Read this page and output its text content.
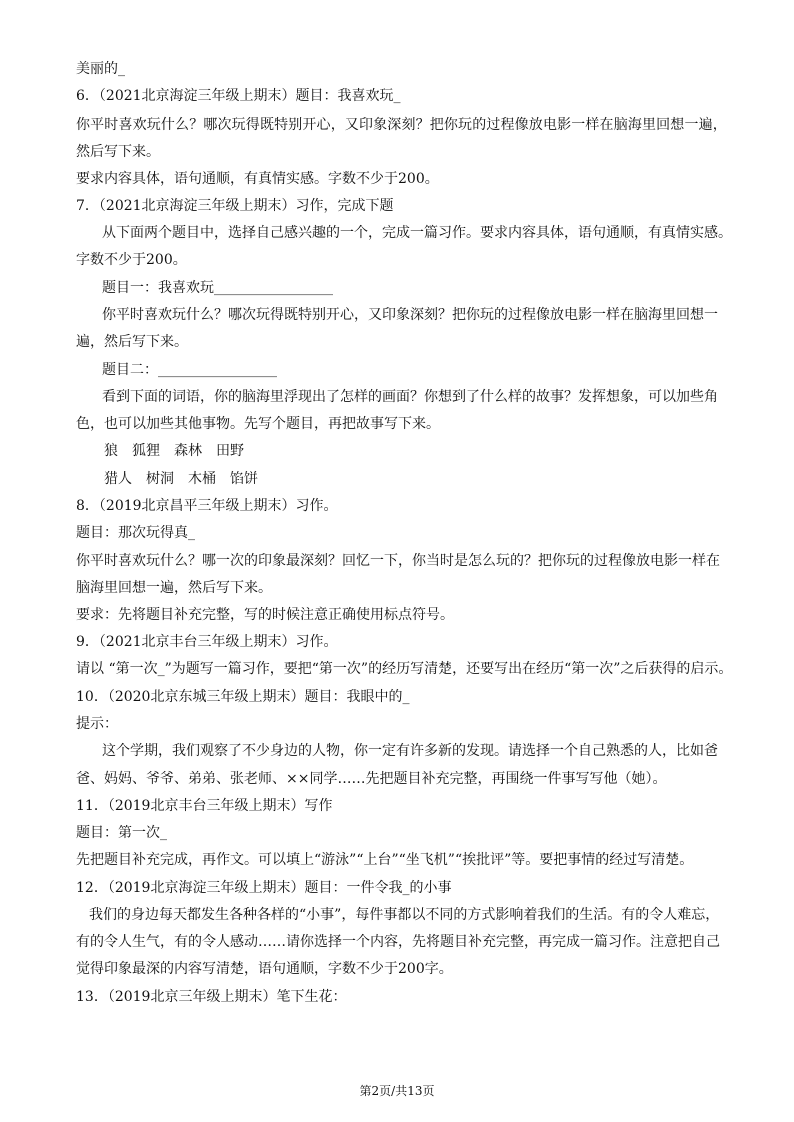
美丽的_
6．（2021北京海淀三年级上期末）题目：我喜欢玩_
你平时喜欢玩什么？哪次玩得既特别开心，又印象深刻？把你玩的过程像放电影一样在脑海里回想一遍，
然后写下来。
要求内容具体，语句通顺，有真情实感。字数不少于200。
7．（2021北京海淀三年级上期末）习作，完成下题
从下面两个题目中，选择自己感兴趣的一个，完成一篇习作。要求内容具体，语句通顺，有真情实感。
字数不少于200。
题目一：我喜欢玩_________________
你平时喜欢玩什么？哪次玩得既特别开心，又印象深刻？把你玩的过程像放电影一样在脑海里回想一
遍，然后写下来。
题目二：_________________
看到下面的词语，你的脑海里浮现出了怎样的画面？你想到了什么样的故事？发挥想象，可以加些角
色，也可以加些其他事物。先写个题目，再把故事写下来。
狼　狐狸　森林　田野
猎人　树洞　木桶　馅饼
8．（2019北京昌平三年级上期末）习作。
题目：那次玩得真_
你平时喜欢玩什么？哪一次的印象最深刻？回忆一下，你当时是怎么玩的？把你玩的过程像放电影一样在
脑海里回想一遍，然后写下来。
要求：先将题目补充完整，写的时候注意正确使用标点符号。
9．（2021北京丰台三年级上期末）习作。
请以 “第一次_”为题写一篇习作，要把“第一次”的经历写清楚，还要写出在经历“第一次”之后获得的启示。
10．（2020北京东城三年级上期末）题目：我眼中的_
提示：
这个学期，我们观察了不少身边的人物，你一定有许多新的发现。请选择一个自己熟悉的人，比如爸
爸、妈妈、爷爷、弟弟、张老师、××同学……先把题目补充完整，再围绕一件事写写他（她）。
11．（2019北京丰台三年级上期末）写作
题目：第一次_
先把题目补充完成，再作文。可以填上“游泳”“上台”“坐飞机”“挨批评”等。要把事情的经过写清楚。
12．（2019北京海淀三年级上期末）题目：一件令我_的小事
我们的身边每天都发生各种各样的“小事”，每件事都以不同的方式影响着我们的生活。有的令人难忘，
有的令人生气，有的令人感动……请你选择一个内容，先将题目补充完整，再完成一篇习作。注意把自己
觉得印象最深的内容写清楚，语句通顺，字数不少于200字。
13．（2019北京三年级上期末）笔下生花：
第2页/共13页
